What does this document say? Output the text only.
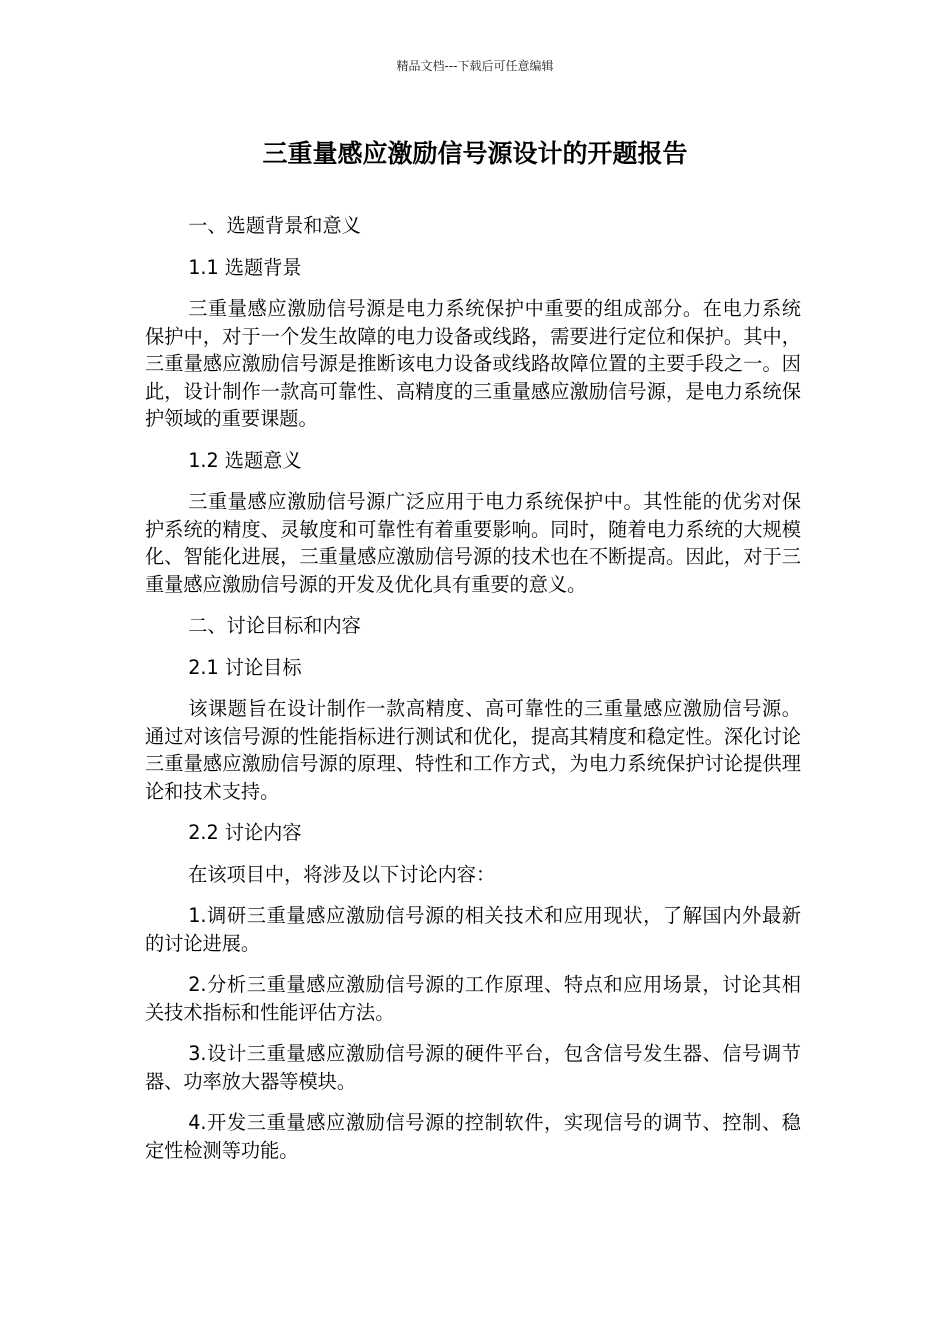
精品文档---下载后可任意编辑
三重量感应激励信号源设计的开题报告

一、选题背景和意义

1.1 选题背景

三重量感应激励信号源是电力系统保护中重要的组成部分。在电力系统保护中，对于一个发生故障的电力设备或线路，需要进行定位和保护。其中，三重量感应激励信号源是推断该电力设备或线路故障位置的主要手段之一。因此，设计制作一款高可靠性、高精度的三重量感应激励信号源，是电力系统保护领域的重要课题。

1.2 选题意义

三重量感应激励信号源广泛应用于电力系统保护中。其性能的优劣对保护系统的精度、灵敏度和可靠性有着重要影响。同时，随着电力系统的大规模化、智能化进展，三重量感应激励信号源的技术也在不断提高。因此，对于三重量感应激励信号源的开发及优化具有重要的意义。

二、讨论目标和内容

2.1 讨论目标

该课题旨在设计制作一款高精度、高可靠性的三重量感应激励信号源。通过对该信号源的性能指标进行测试和优化，提高其精度和稳定性。深化讨论三重量感应激励信号源的原理、特性和工作方式，为电力系统保护讨论提供理论和技术支持。

2.2 讨论内容

在该项目中，将涉及以下讨论内容：

1.调研三重量感应激励信号源的相关技术和应用现状，了解国内外最新的讨论进展。

2.分析三重量感应激励信号源的工作原理、特点和应用场景，讨论其相关技术指标和性能评估方法。

3.设计三重量感应激励信号源的硬件平台，包含信号发生器、信号调节器、功率放大器等模块。

4.开发三重量感应激励信号源的控制软件，实现信号的调节、控制、稳定性检测等功能。
